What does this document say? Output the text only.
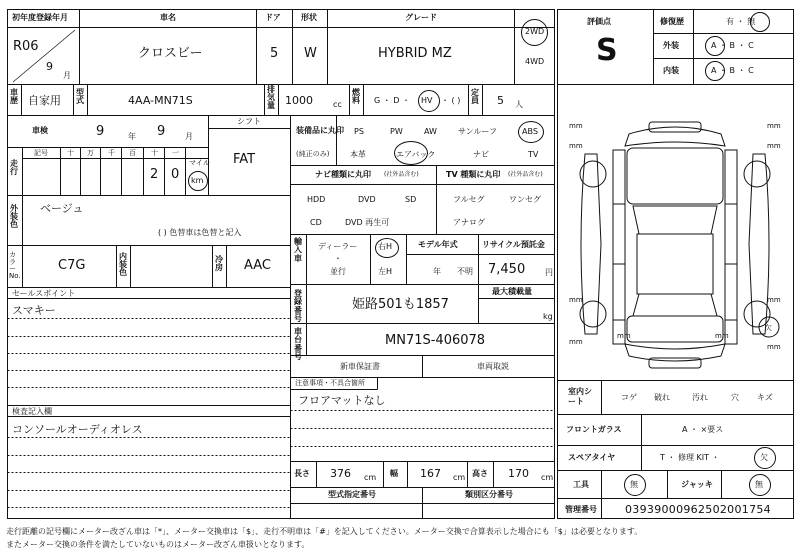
初年度登録年月
R06
9
月
車名
クロスビー
ドア
5
形状
W
グレード
HYBRID MZ
2WD
4WD
評価点
S
修復歴	有 ・ 無
外装	A ・ B ・ C
内装	A ・ B ・ C
車歴 自家用
型式	4AA-MN71S
排気量 1000	cc
燃料 G ・ D ・ HV ・ ( )
定員 5 人
車検	9	年 9 月
シフト
FAT
走行
記号	十 万 千 百 十 一
2 0
マイル
km
外装色
ベージュ
( ) 色替車は色替と記入
カラーNo.
C7G
内装色
冷房 AAC
セールスポイント
スマキー
検査記入欄
コンソールオーディオレス
装備品に丸印
(純正のみ)
PS	PW	AW	サンルーフ	ABS
本革	エアバック	ナビ	TV
ナビ種類に丸印 (社外品含む)
HDD	DVD	SD
CD	DVD 再生可
TV 種類に丸印 (社外品含む)
フルセグ	ワンセグ
アナログ
輸入車
ディーラー
・
並行
右H
左H
モデル年式
年 不明
リサイクル預託金
7,450 円
登録番号
姫路501も1857
最大積載量
kg
車台番号
MN71S-406078
新車保証書	車両取説
注意事項・不具合箇所
フロアマットなし
長さ 376 cm 幅 167 cm 高さ 170 cm
型式指定番号	類別区分番号
mm	mm
mm	mm
mm	mm
mm
mm
mm	mm
欠
室内シート	コゲ 破れ	汚れ	穴 キズ
フロントガラス	A ・ ×要ス
スペアタイヤ	T ・ 修理 KIT ・	欠
工具	無	ジャッキ	無
管理番号	0393900096250200175​4
走行距離の記号欄にメーター改ざん車は「*」、メーター交換車は「$」、走行不明車は「#」を記入してください。メーター交換で合算表示した場合にも「$」は必要となります。
またメーター交換の条件を満たしていないものはメーター改ざん車扱いとなります。
